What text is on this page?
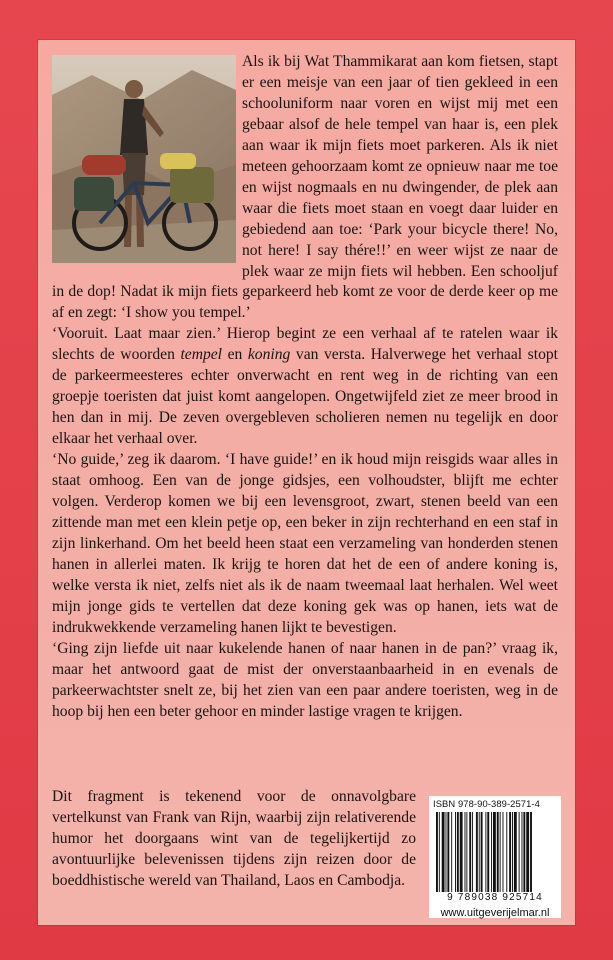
Als ik bij Wat Thammikarat aan kom fietsen, stapt er een meisje van een jaar of tien gekleed in een schooluniform naar voren en wijst mij met een gebaar alsof de hele tempel van haar is, een plek aan waar ik mijn fiets moet parkeren. Als ik niet meteen gehoorzaam komt ze opnieuw naar me toe en wijst nogmaals en nu dwingender, de plek aan waar die fiets moet staan en voegt daar luider en gebiedend aan toe: ‘Park your bicycle there! No, not here! I say thére!!’ en weer wijst ze naar de plek waar ze mijn fiets wil hebben. Een schooljuf in de dop! Nadat ik mijn fiets geparkeerd heb komt ze voor de derde keer op me af en zegt: ‘I show you tempel.’

‘Vooruit. Laat maar zien.’ Hierop begint ze een verhaal af te ratelen waar ik slechts de woorden tempel en koning van versta. Halverwege het verhaal stopt de parkeermeesteres echter onverwacht en rent weg in de richting van een groepje toeristen dat juist komt aangelopen. Ongetwijfeld ziet ze meer brood in hen dan in mij. De zeven overgebleven scholieren nemen nu tegelijk en door elkaar het verhaal over.

‘No guide,’ zeg ik daarom. ‘I have guide!’ en ik houd mijn reisgids waar alles in staat omhoog. Een van de jonge gidsjes, een volhoudster, blijft me echter volgen. Verderop komen we bij een levensgroot, zwart, stenen beeld van een zittende man met een klein petje op, een beker in zijn rechterhand en een staf in zijn linkerhand. Om het beeld heen staat een verzameling van honderden stenen hanen in allerlei maten. Ik krijg te horen dat het de een of andere koning is, welke versta ik niet, zelfs niet als ik de naam tweemaal laat herhalen. Wel weet mijn jonge gids te vertellen dat deze koning gek was op hanen, iets wat de indrukwekkende verzameling hanen lijkt te bevestigen.

‘Ging zijn liefde uit naar kukelende hanen of naar hanen in de pan?’ vraag ik, maar het antwoord gaat de mist der onverstaanbaarheid in en evenals de parkeerwachtster snelt ze, bij het zien van een paar andere toeristen, weg in de hoop bij hen een beter gehoor en minder lastige vragen te krijgen.

Dit fragment is tekenend voor de onnavolgbare vertelkunst van Frank van Rijn, waarbij zijn relativerende humor het doorgaans wint van de tegelijkertijd zo avontuurlijke belevenissen tijdens zijn reizen door de boeddhistische wereld van Thailand, Laos en Cambodja.
ISBN 978-90-389-2571-4
9 789038 925714
www.uitgeverijelmar.nl
